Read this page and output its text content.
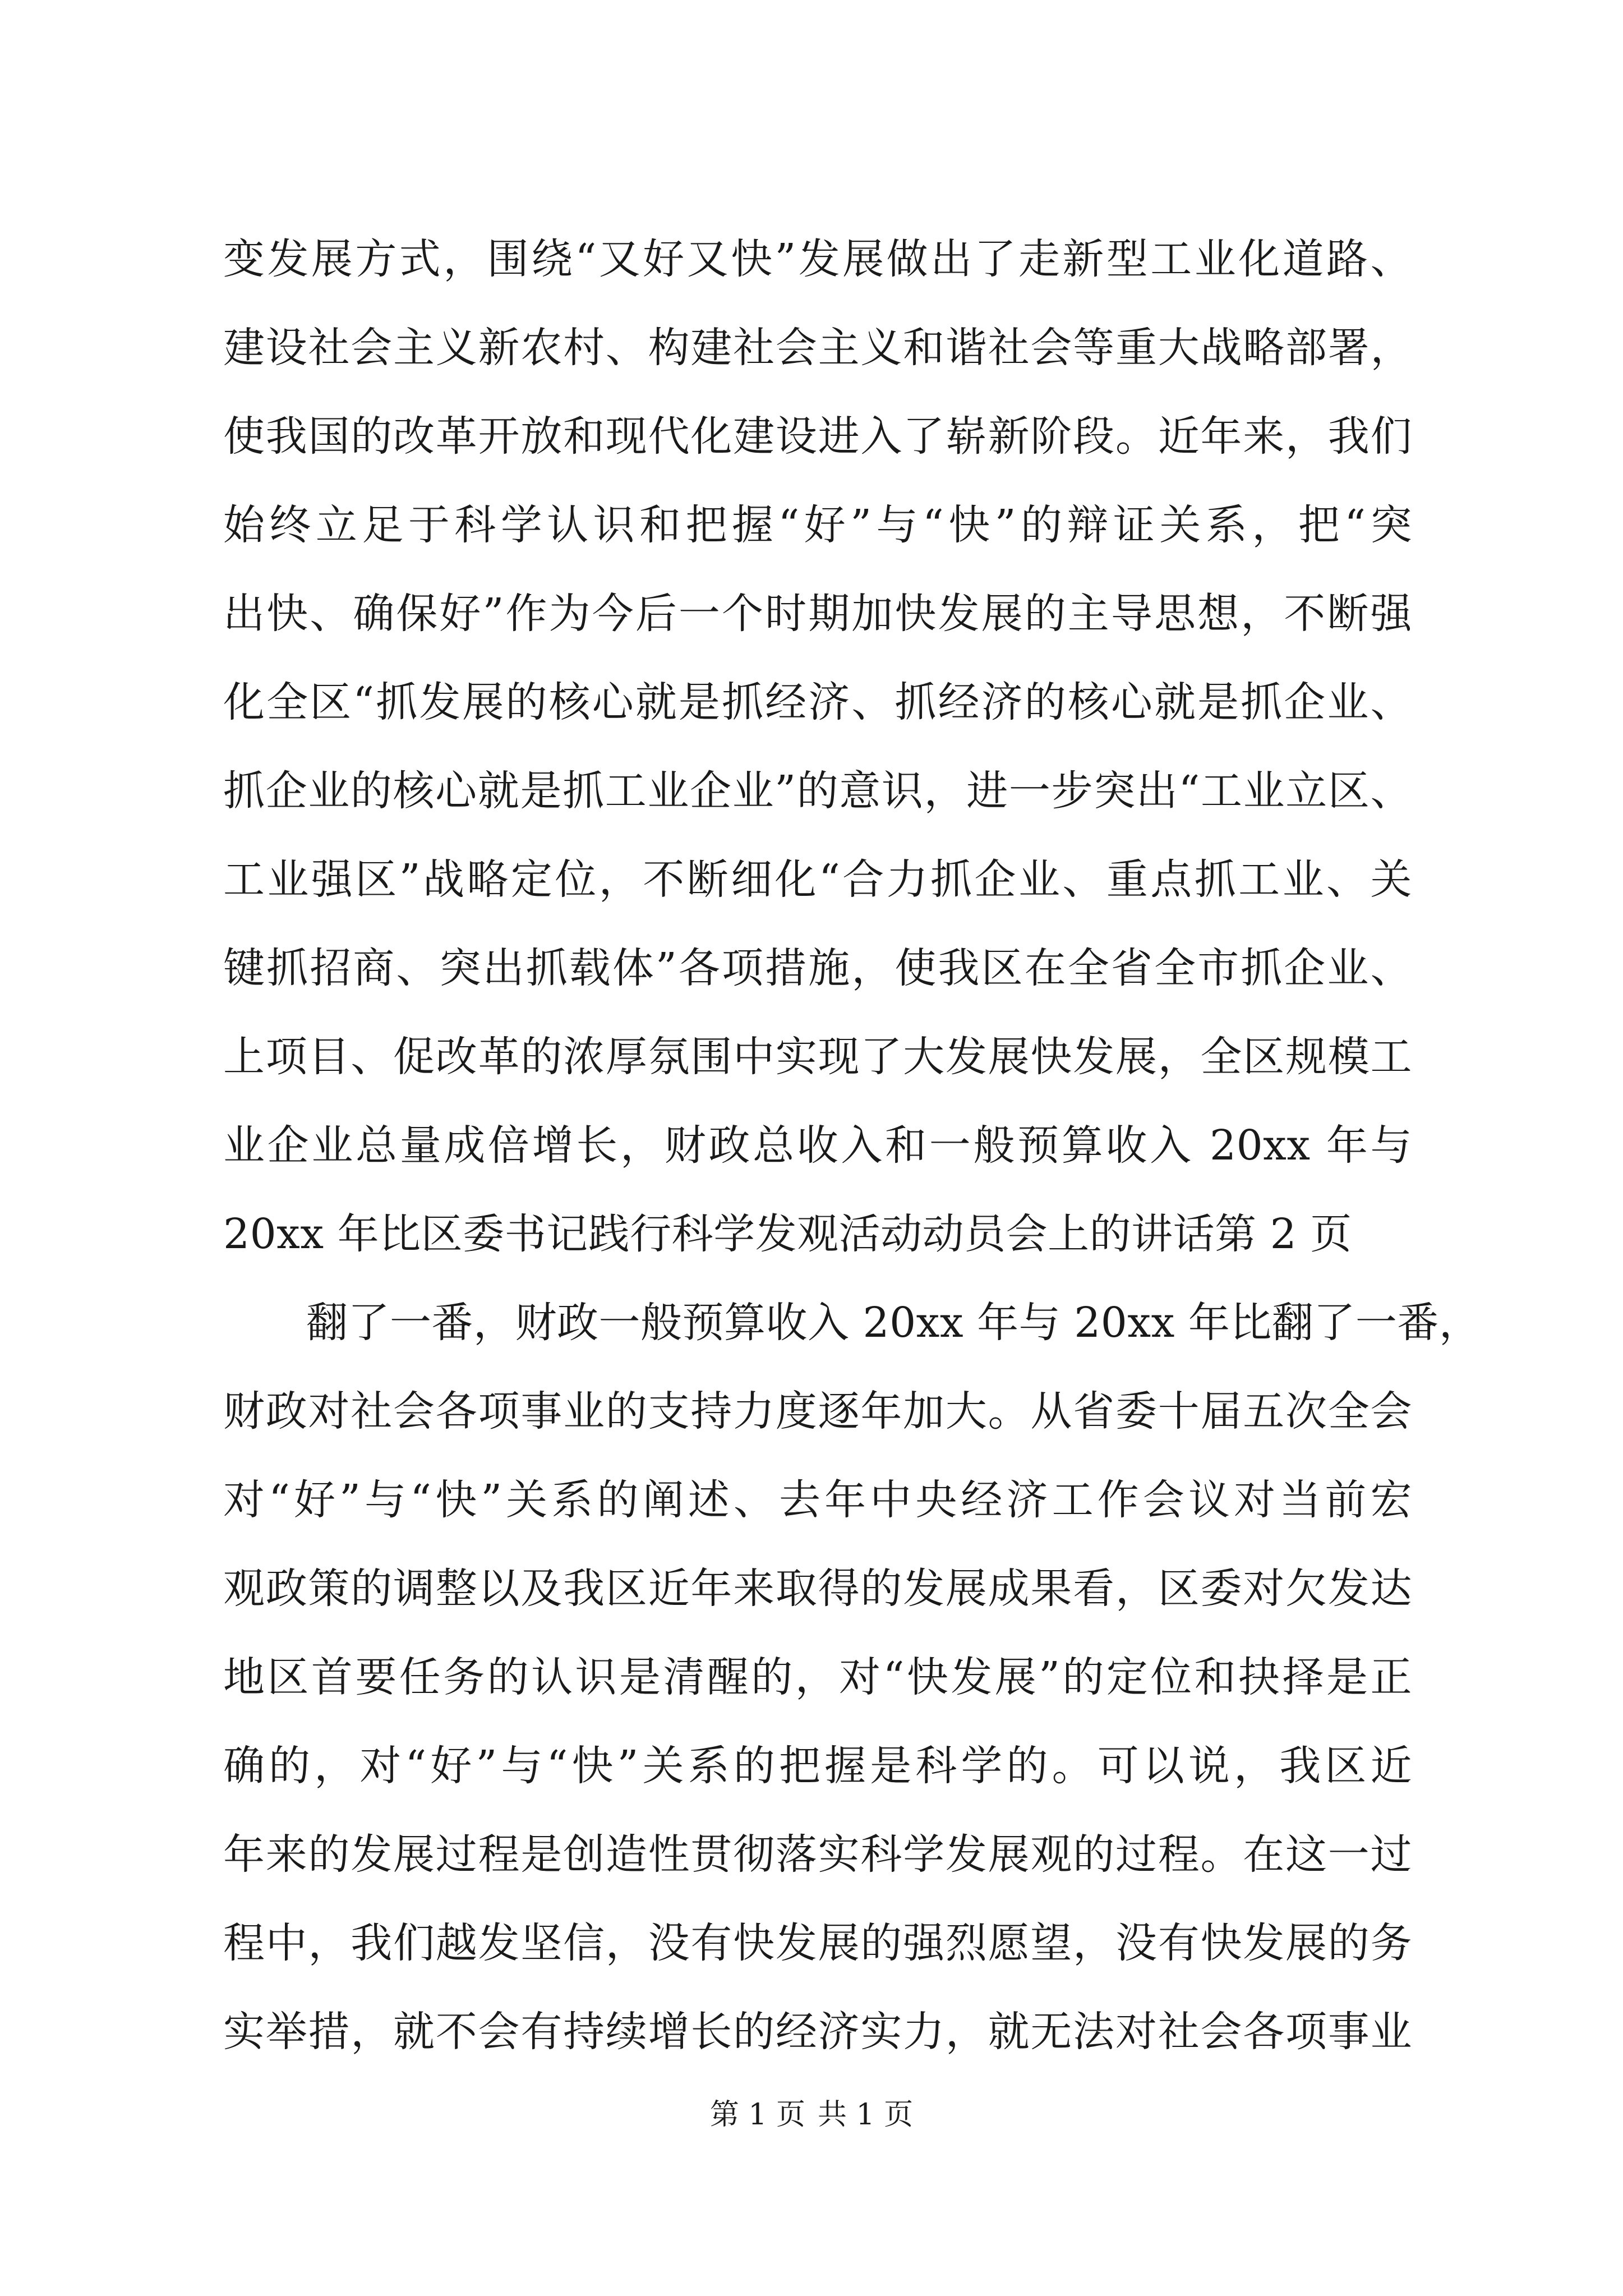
变发展方式，围绕“又好又快”发展做出了走新型工业化道路、
建设社会主义新农村、构建社会主义和谐社会等重大战略部署，
使我国的改革开放和现代化建设进入了崭新阶段。近年来，我们
始终立足于科学认识和把握“好”与“快”的辩证关系，把“突
出快、确保好”作为今后一个时期加快发展的主导思想，不断强
化全区“抓发展的核心就是抓经济、抓经济的核心就是抓企业、
抓企业的核心就是抓工业企业”的意识，进一步突出“工业立区、
工业强区”战略定位，不断细化“合力抓企业、重点抓工业、关
键抓招商、突出抓载体”各项措施，使我区在全省全市抓企业、
上项目、促改革的浓厚氛围中实现了大发展快发展，全区规模工
业企业总量成倍增长，财政总收入和一般预算收入 20xx 年与
20xx 年比区委书记践行科学发观活动动员会上的讲话第 2 页
翻了一番，财政一般预算收入 20xx 年与 20xx 年比翻了一番，
财政对社会各项事业的支持力度逐年加大。从省委十届五次全会
对“好”与“快”关系的阐述、去年中央经济工作会议对当前宏
观政策的调整以及我区近年来取得的发展成果看，区委对欠发达
地区首要任务的认识是清醒的，对“快发展”的定位和抉择是正
确的，对“好”与“快”关系的把握是科学的。可以说，我区近
年来的发展过程是创造性贯彻落实科学发展观的过程。在这一过
程中，我们越发坚信，没有快发展的强烈愿望，没有快发展的务
实举措，就不会有持续增长的经济实力，就无法对社会各项事业
第 1 页 共 1 页
